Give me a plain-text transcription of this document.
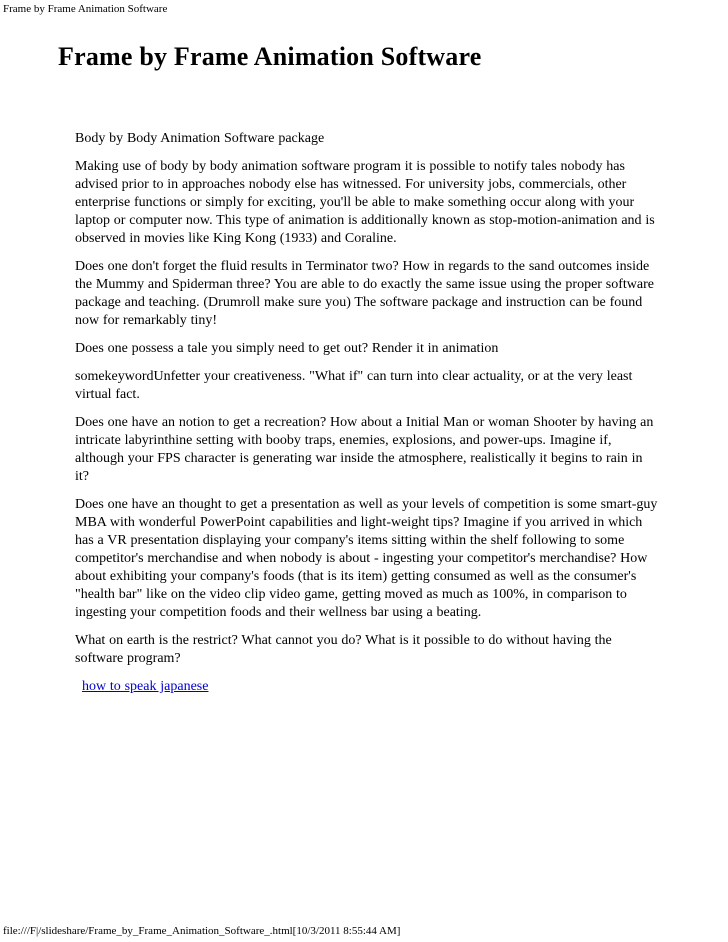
Frame by Frame Animation Software
Frame by Frame Animation Software

Body by Body Animation Software package

Making use of body by body animation software program it is possible to notify tales nobody has advised prior to in approaches nobody else has witnessed. For university jobs, commercials, other enterprise functions or simply for exciting, you'll be able to make something occur along with your laptop or computer now. This type of animation is additionally known as stop-motion-animation and is observed in movies like King Kong (1933) and Coraline.

Does one don't forget the fluid results in Terminator two? How in regards to the sand outcomes inside the Mummy and Spiderman three? You are able to do exactly the same issue using the proper software package and teaching. (Drumroll make sure you) The software package and instruction can be found now for remarkably tiny!

Does one possess a tale you simply need to get out? Render it in animation

somekeywordUnfetter your creativeness. "What if" can turn into clear actuality, or at the very least virtual fact.

Does one have an notion to get a recreation? How about a Initial Man or woman Shooter by having an intricate labyrinthine setting with booby traps, enemies, explosions, and power-ups. Imagine if, although your FPS character is generating war inside the atmosphere, realistically it begins to rain in it?

Does one have an thought to get a presentation as well as your levels of competition is some smart-guy MBA with wonderful PowerPoint capabilities and light-weight tips? Imagine if you arrived in which has a VR presentation displaying your company's items sitting within the shelf following to some competitor's merchandise and when nobody is about - ingesting your competitor's merchandise? How about exhibiting your company's foods (that is its item) getting consumed as well as the consumer's "health bar" like on the video clip video game, getting moved as much as 100%, in comparison to ingesting your competition foods and their wellness bar using a beating.

What on earth is the restrict? What cannot you do? What is it possible to do without having the software program?

how to speak japanese

file:///F|/slideshare/Frame_by_Frame_Animation_Software_.html[10/3/2011 8:55:44 AM]
